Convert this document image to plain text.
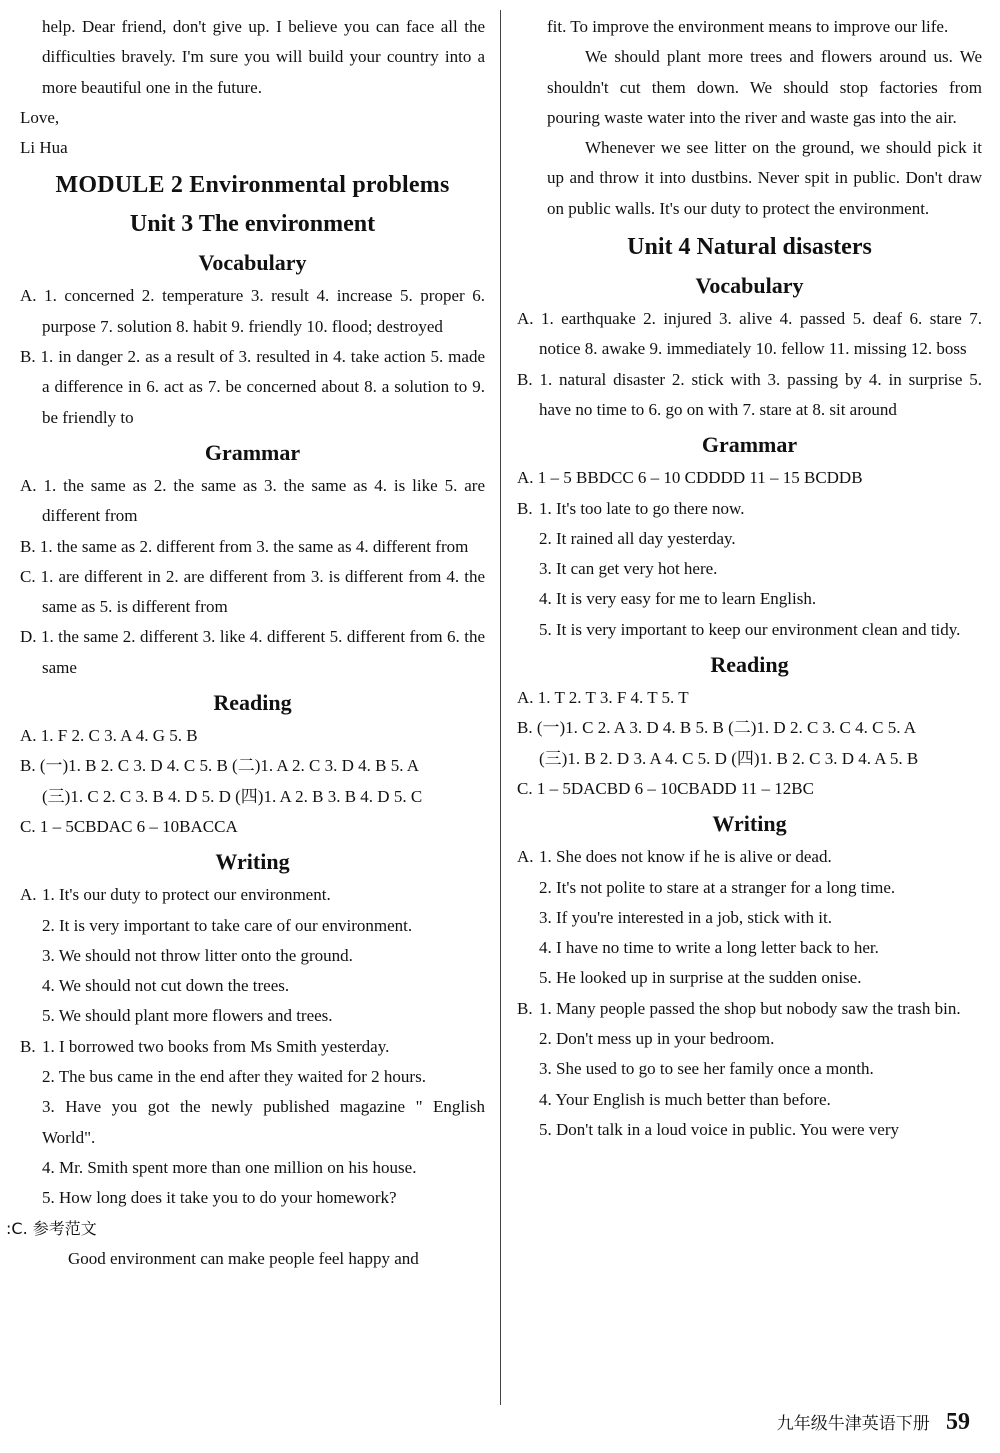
help. Dear friend, don't give up. I believe you can face all the difficulties bravely. I'm sure you will build your country into a more beautiful one in the future.

Love,

Li Hua

MODULE 2 Environmental problems
Unit 3 The environment
Vocabulary

A. 1. concerned 2. temperature 3. result 4. increase 5. proper 6. purpose 7. solution 8. habit 9. friendly 10. flood; destroyed

B. 1. in danger 2. as a result of 3. resulted in 4. take action 5. made a difference in 6. act as 7. be concerned about 8. a solution to 9. be friendly to

Grammar

A. 1. the same as 2. the same as 3. the same as 4. is like 5. are different from

B. 1. the same as 2. different from 3. the same as 4. different from

C. 1. are different in 2. are different from 3. is different from 4. the same as 5. is different from

D. 1. the same 2. different 3. like 4. different 5. different from 6. the same

Reading

A. 1. F 2. C 3. A 4. G 5. B

B. (一)1. B 2. C 3. D 4. C 5. B (二)1. A 2. C 3. D 4. B 5. A

(三)1. C 2. C 3. B 4. D 5. D (四)1. A 2. B 3. B 4. D 5. C

C. 1 – 5CBDAC 6 – 10BACCA

Writing
A. 1. It's our duty to protect our environment.

2. It is very important to take care of our environment.

3. We should not throw litter onto the ground.

4. We should not cut down the trees.

5. We should plant more flowers and trees.

B. 1. I borrowed two books from Ms Smith yesterday.

2. The bus came in the end after they waited for 2 hours.

3. Have you got the newly published magazine " English World".

4. Mr. Smith spent more than one million on his house.

5. How long does it take you to do your homework?

:C. 参考范文

Good environment can make people feel happy and

fit. To improve the environment means to improve our life.

We should plant more trees and flowers around us. We shouldn't cut them down. We should stop factories from pouring waste water into the river and waste gas into the air.

Whenever we see litter on the ground, we should pick it up and throw it into dustbins. Never spit in public. Don't draw on public walls. It's our duty to protect the environment.

Unit 4 Natural disasters
Vocabulary

A. 1. earthquake 2. injured 3. alive 4. passed 5. deaf 6. stare 7. notice 8. awake 9. immediately 10. fellow 11. missing 12. boss

B. 1. natural disaster 2. stick with 3. passing by 4. in surprise 5. have no time to 6. go on with 7. stare at 8. sit around

Grammar

A. 1 – 5 BBDCC 6 – 10 CDDDD 11 – 15 BCDDB

B. 1. It's too late to go there now.

2. It rained all day yesterday.

3. It can get very hot here.

4. It is very easy for me to learn English.

5. It is very important to keep our environment clean and tidy.

Reading

A. 1. T 2. T 3. F 4. T 5. T

B. (一)1. C 2. A 3. D 4. B 5. B (二)1. D 2. C 3. C 4. C 5. A

(三)1. B 2. D 3. A 4. C 5. D (四)1. B 2. C 3. D 4. A 5. B

C. 1 – 5DACBD 6 – 10CBADD 11 – 12BC

Writing
A. 1. She does not know if he is alive or dead.

2. It's not polite to stare at a stranger for a long time.

3. If you're interested in a job, stick with it.

4. I have no time to write a long letter back to her.

5. He looked up in surprise at the sudden onise.

B. 1. Many people passed the shop but nobody saw the trash bin.

2. Don't mess up in your bedroom.

3. She used to go to see her family once a month.

4. Your English is much better than before.

5. Don't talk in a loud voice in public. You were very

九年级牛津英语下册 59
